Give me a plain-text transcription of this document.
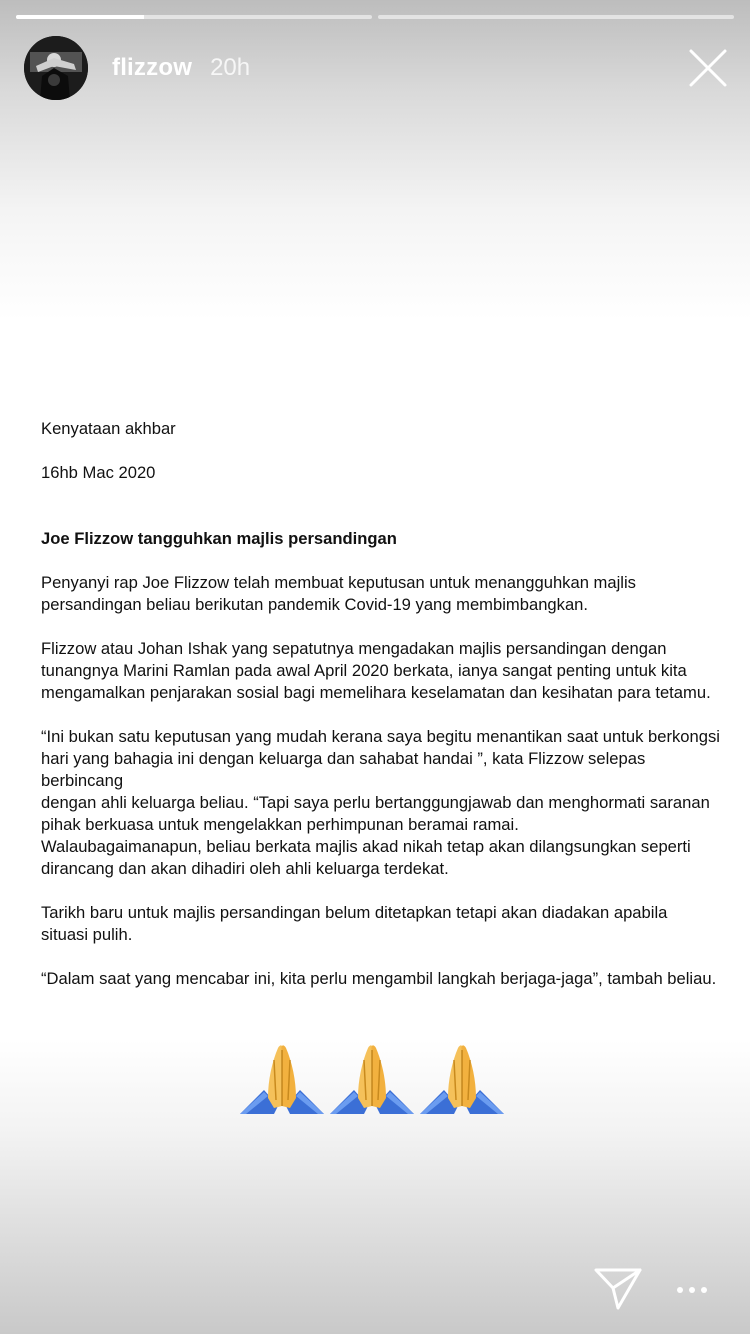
flizzow 20h

Kenyataan akhbar

16hb Mac 2020

Joe Flizzow tangguhkan majlis persandingan

Penyanyi rap Joe Flizzow telah membuat keputusan untuk menangguhkan majlis

persandingan beliau berikutan pandemik Covid-19 yang membimbangkan.

Flizzow atau Johan Ishak yang sepatutnya mengadakan majlis persandingan dengan

tunangnya Marini Ramlan pada awal April 2020 berkata, ianya sangat penting untuk kita

mengamalkan penjarakan sosial bagi memelihara keselamatan dan kesihatan para tetamu.

“Ini bukan satu keputusan yang mudah kerana saya begitu menantikan saat untuk berkongsi

hari yang bahagia ini dengan keluarga dan sahabat handai ”, kata Flizzow selepas berbincang

dengan ahli keluarga beliau. “Tapi saya perlu bertanggungjawab dan menghormati saranan

pihak berkuasa untuk mengelakkan perhimpunan beramai ramai.

Walaubagaimanapun, beliau berkata majlis akad nikah tetap akan dilangsungkan seperti

dirancang dan akan dihadiri oleh ahli keluarga terdekat.

Tarikh baru untuk majlis persandingan belum ditetapkan tetapi akan diadakan apabila

situasi pulih.

“Dalam saat yang mencabar ini, kita perlu mengambil langkah berjaga-jaga”, tambah beliau.
